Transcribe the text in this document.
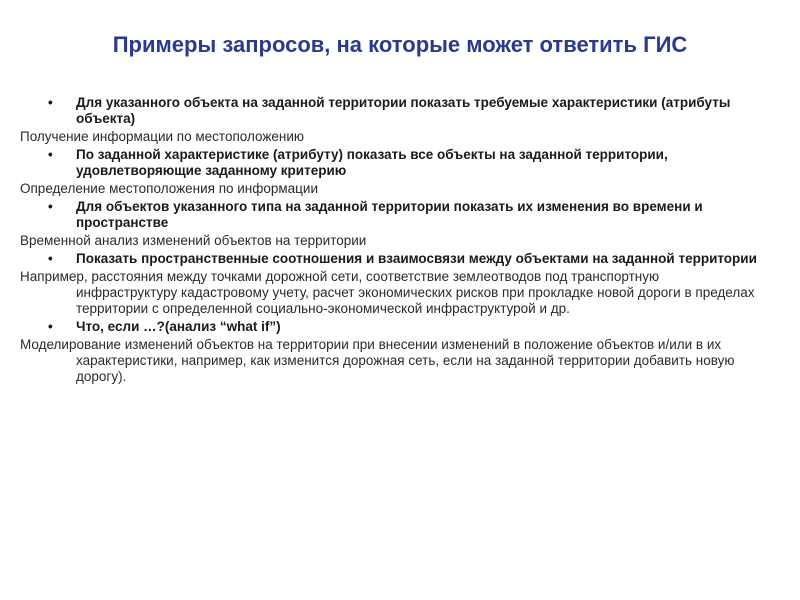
Примеры запросов, на которые может ответить ГИС
• Для указанного объекта на заданной территории показать требуемые характеристики (атрибуты объекта)
Получение информации по местоположению
• По заданной характеристике (атрибуту) показать все объекты на заданной территории, удовлетворяющие заданному критерию
Определение местоположения по информации
• Для объектов указанного типа на заданной территории показать их изменения во времени и пространстве
Временной анализ изменений объектов на территории
• Показать пространственные соотношения и взаимосвязи между объектами на заданной территории
Например, расстояния между точками дорожной сети, соответствие землеотводов под транспортную инфраструктуру кадастровому учету, расчет экономических рисков при прокладке новой дороги в пределах территории с определенной социально-экономической инфраструктурой и др.
• Что, если …?(анализ “what if”)
Моделирование изменений объектов на территории при внесении изменений в положение объектов и/или в их характеристики, например, как изменится дорожная сеть, если на заданной территории добавить новую дорогу).
